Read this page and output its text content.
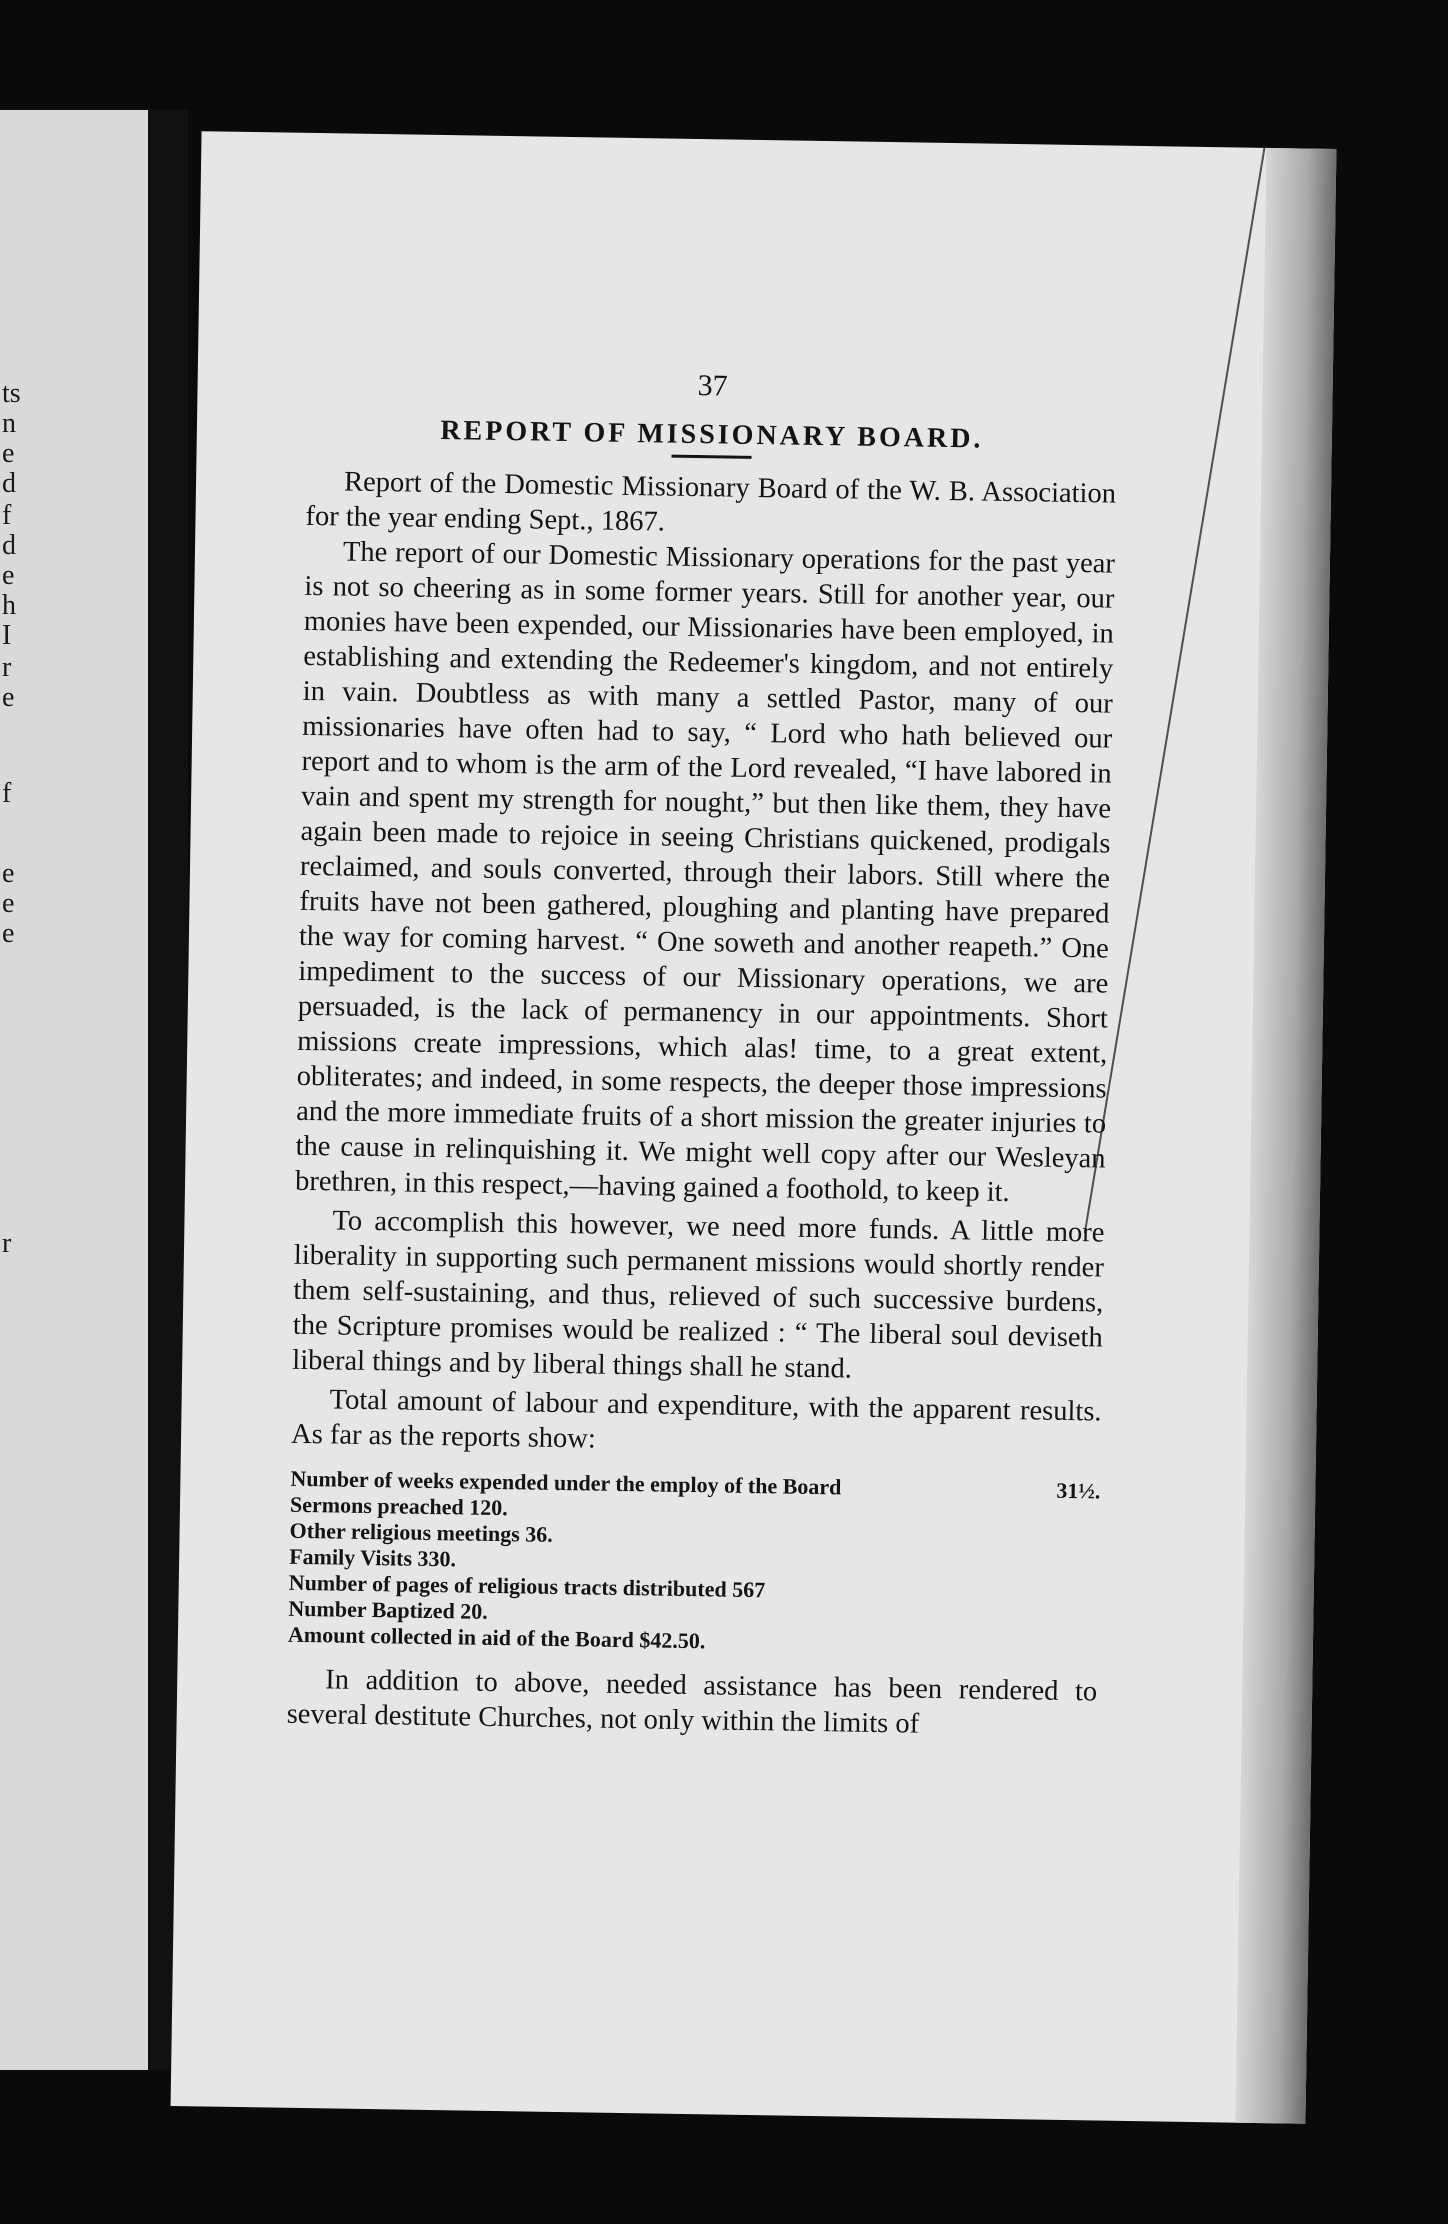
ts
n
e
d
f
d
e
h
I
r
e
f
e
e
e
r
37
REPORT OF MISSIONARY BOARD.

Report of the Domestic Missionary Board of the W. B. Association for the year ending Sept., 1867.

The report of our Domestic Missionary operations for the past year is not so cheering as in some former years. Still for another year, our monies have been expended, our Missionaries have been employed, in establishing and extending the Redeemer's kingdom, and not entirely in vain. Doubtless as with many a settled Pastor, many of our missionaries have often had to say, “ Lord who hath believed our report and to whom is the arm of the Lord revealed, “I have labored in vain and spent my strength for nought,” but then like them, they have again been made to rejoice in seeing Christians quickened, prodigals reclaimed, and souls converted, through their labors. Still where the fruits have not been gathered, ploughing and planting have prepared the way for coming harvest. “ One soweth and another reapeth.” One impediment to the success of our Missionary operations, we are persuaded, is the lack of permanency in our appointments. Short missions create impressions, which alas! time, to a great extent, obliterates; and indeed, in some respects, the deeper those impressions and the more immediate fruits of a short mission the greater injuries to the cause in relinquishing it. We might well copy after our Wesleyan brethren, in this respect,—having gained a foothold, to keep it.

To accomplish this however, we need more funds. A little more liberality in supporting such permanent missions would shortly render them self-sustaining, and thus, relieved of such successive burdens, the Scripture promises would be realized : “ The liberal soul deviseth liberal things and by liberal things shall he stand.

Total amount of labour and expenditure, with the apparent results. As far as the reports show:

Number of weeks expended under the employ of the Board	31½.
Sermons preached 120.
Other religious meetings 36.
Family Visits 330.
Number of pages of religious tracts distributed 567
Number Baptized 20.
Amount collected in aid of the Board $42.50.

In addition to above, needed assistance has been rendered to several destitute Churches, not only within the limits of
